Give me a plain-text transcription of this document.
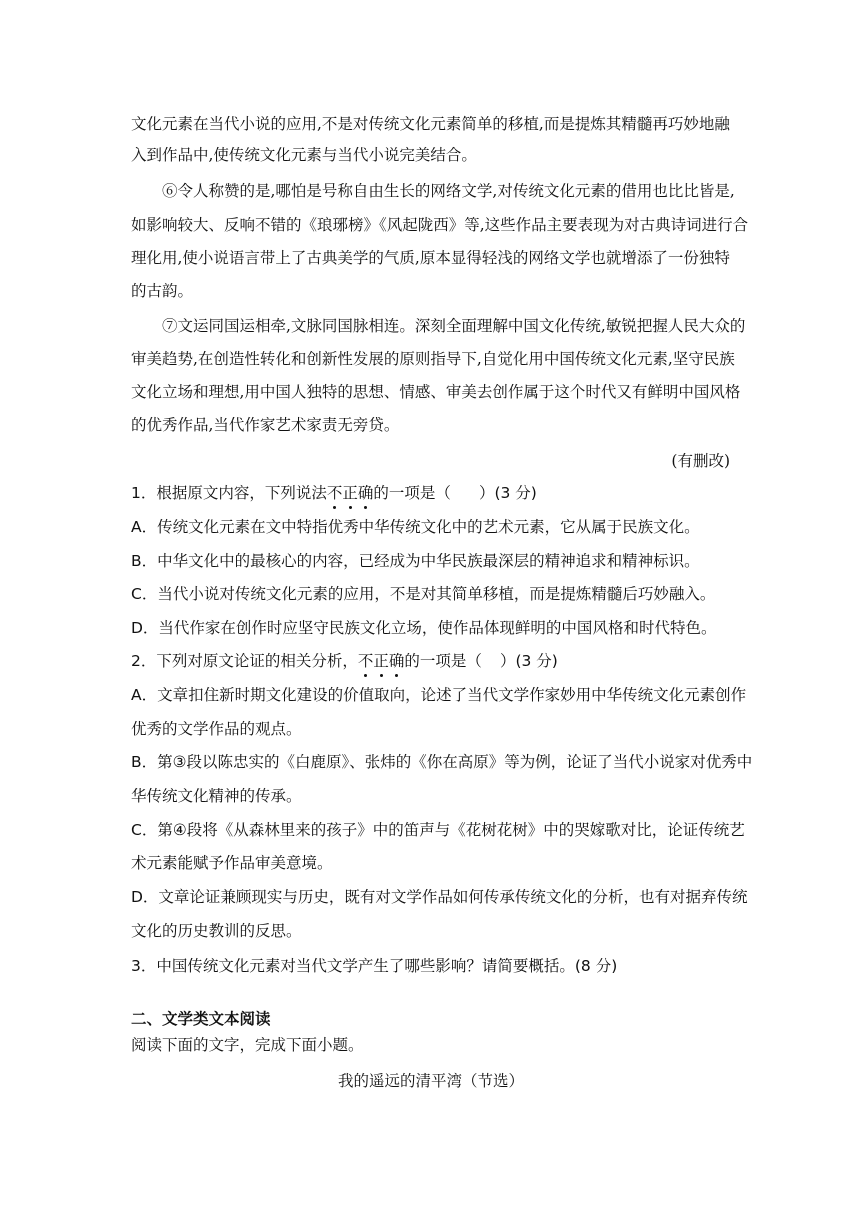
文化元素在当代小说的应用,不是对传统文化元素简单的移植,而是提炼其精髓再巧妙地融
入到作品中,使传统文化元素与当代小说完美结合。
⑥令人称赞的是,哪怕是号称自由生长的网络文学,对传统文化元素的借用也比比皆是,
如影响较大、反响不错的《琅琊榜》《风起陇西》等,这些作品主要表现为对古典诗词进行合
理化用,使小说语言带上了古典美学的气质,原本显得轻浅的网络文学也就增添了一份独特
的古韵。
⑦文运同国运相牵,文脉同国脉相连。深刻全面理解中国文化传统,敏锐把握人民大众的
审美趋势,在创造性转化和创新性发展的原则指导下,自觉化用中国传统文化元素,坚守民族
文化立场和理想,用中国人独特的思想、情感、审美去创作属于这个时代又有鲜明中国风格
的优秀作品,当代作家艺术家责无旁贷。
(有删改)
1．根据原文内容，下列说法不正确的一项是（ ）(3 分)
A．传统文化元素在文中特指优秀中华传统文化中的艺术元素，它从属于民族文化。
B．中华文化中的最核心的内容，已经成为中华民族最深层的精神追求和精神标识。
C．当代小说对传统文化元素的应用，不是对其简单移植，而是提炼精髓后巧妙融入。
D．当代作家在创作时应坚守民族文化立场，使作品体现鲜明的中国风格和时代特色。
2．下列对原文论证的相关分析，不正确的一项是（ ）(3 分)
A．文章扣住新时期文化建设的价值取向，论述了当代文学作家妙用中华传统文化元素创作
优秀的文学作品的观点。
B．第③段以陈忠实的《白鹿原》、张炜的《你在高原》等为例，论证了当代小说家对优秀中
华传统文化精神的传承。
C．第④段将《从森林里来的孩子》中的笛声与《花树花树》中的哭嫁歌对比，论证传统艺
术元素能赋予作品审美意境。
D．文章论证兼顾现实与历史，既有对文学作品如何传承传统文化的分析，也有对据弃传统
文化的历史教训的反思。
3．中国传统文化元素对当代文学产生了哪些影响？请简要概括。(8 分)
二、文学类文本阅读
阅读下面的文字，完成下面小题。
我的遥远的清平湾（节选）
